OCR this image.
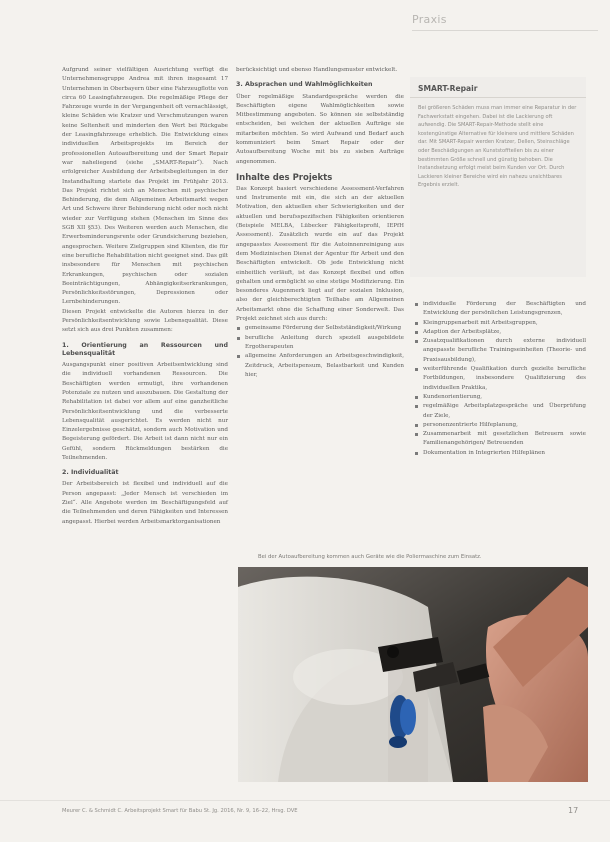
Praxis

Aufgrund seiner vielfältigen Ausrichtung verfügt die Unternehmensgruppe Andrea mit ihren insgesamt 17 Unternehmen in Oberbayern über eine Fahrzeugflotte von circa 60 Leasingfahrzeugen. Die regelmäßige Pflege der Fahrzeuge wurde in der Vergangenheit oft vernachlässigt, kleine Schäden wie Kratzer und Verschmutzungen waren keine Seltenheit und minderten den Wert bei Rückgabe der Leasingfahrzeuge erheblich. Die Entwicklung eines individuellen Arbeitsprojekts im Bereich der professionellen Autoaufbereitung und der Smart Repair war naheliegend (siehe „SMART-Repair“). Nach erfolgreicher Ausbildung der Arbeitsbegleitungen in der Instandhaltung startete das Projekt im Frühjahr 2013. Das Projekt richtet sich an Menschen mit psychischer Behinderung, die dem Allgemeinen Arbeitsmarkt wegen Art und Schwere ihrer Behinderung nicht oder noch nicht wieder zur Verfügung stehen (Menschen im Sinne des SGB XII §53). Des Weiteren werden auch Menschen, die Erwerbsminderungsrente oder Grundsicherung beziehen, angesprochen. Weitere Zielgruppen sind Klienten, die für eine berufliche Rehabilitation nicht geeignet sind. Das gilt insbesondere für Menschen mit psychischen Erkrankungen, psychischen oder sozialen Beeinträchtigungen, Abhängigkeitserkrankungen, Persönlichkeitsstörungen, Depressionen oder Lernbehinderungen.

Diesen Projekt entwickelte die Autoren hierzu in der Persönlichkeitsentwicklung sowie Lebensqualität. Diese setzt sich aus drei Punkten zusammen:

1. Orientierung an Ressourcen und Lebensqualität

Ausgangspunkt einer positiven Arbeitsentwicklung sind die individuell vorhandenen Ressourcen. Die Beschäftigten werden ermutigt, ihre vorhandenen Potenziale zu nutzen und auszubauen. Die Gestaltung der Rehabilitation ist dabei vor allem auf eine ganzheitliche Persönlichkeitsentwicklung und die verbesserte Lebensqualität ausgerichtet. Es werden nicht nur Einzelergebnisse geschätzt, sondern auch Motivation und Begeisterung gefördert. Die Arbeit ist dann nicht nur ein Gefühl, sondern Rückmeldungen bestärken die Teilnehmenden.

2. Individualität

Der Arbeitsbereich ist flexibel und individuell auf die Person angepasst: „Jeder Mensch ist verschieden im Ziel“. Alle Angebote werden im Beschäftigungsfeld auf die Teilnehmenden und deren Fähigkeiten und Interessen angepasst. Hierbei werden Arbeitsmarktorganisationen

berücksichtigt und ebenso Handlungsmuster entwickelt.

3. Absprachen und Wahlmöglichkeiten

Über regelmäßige Standardgespräche werden die Beschäftigten eigene Wahlmöglichkeiten sowie Mitbestimmung angeboten. So können sie selbstständig entscheiden, bei welchen der aktuellen Aufträge sie mitarbeiten möchten. So wird Aufwand und Bedarf auch kommuniziert beim Smart Repair oder der Autoaufbereitung Woche mit bis zu sieben Aufträge angenommen.

Inhalte des Projekts

Das Konzept basiert verschiedene Assessment-Verfahren und Instrumente mit ein, die sich an der aktuellen Motivation, den aktuellen eher Schwierigkeiten und der aktuellen und berufsspezifischen Fähigkeiten orientieren (Beispiele MELBA, Lübecker Fähigkeitsprofil, IEPfH Assessment). Zusätzlich wurde ein auf das Projekt angepasstes Assessment für die Autoinnenreinigung aus dem Medizinischen Dienst der Agentur für Arbeit und den Beschäftigten entwickelt. Ob jede Entwicklung nicht einheitlich verläuft, ist das Konzept flexibel und offen gehalten und ermöglicht so eine stetige Modifizierung. Ein besonderes Augenmerk liegt auf der sozialen Inklusion, also der gleichberechtigten Teilhabe am Allgemeinen Arbeitsmarkt ohne die Schaffung einer Sonderwelt. Das Projekt zeichnet sich aus durch:

gemeinsame Förderung der Selbstständigkeit/Wirkung
berufliche Anleitung durch speziell ausgebildete Ergotherapeuten
allgemeine Anforderungen an Arbeitsgeschwindigkeit, Zeitdruck, Arbeitspensum, Belastbarkeit und Kunden hier,
SMART-Repair
Bei größeren Schäden muss man immer eine Reparatur in der Fachwerkstatt eingehen. Dabei ist die Lackierung oft aufwendig. Die SMART-Repair-Methode stellt eine kostengünstige Alternative für kleinere und mittlere Schäden dar. Mit SMART-Repair werden Kratzer, Dellen, Steinschläge oder Beschädigungen an Kunststoffteilen bis zu einer bestimmten Größe schnell und günstig behoben. Die Instandsetzung erfolgt meist beim Kunden vor Ort. Durch Lackieren kleiner Bereiche wird ein nahezu unsichtbares Ergebnis erzielt.
individuelle Förderung der Beschäftigten und Entwicklung der persönlichen Leistungsgrenzen,
Kleingruppenarbeit mit Arbeitsgruppen,
Adaption der Arbeitsplätze,
Zusatzqualifikationen durch externe individuell angepasste berufliche Trainingseinheiten (Theorie- und Praxisausbildung),
weiterführende Qualifikation durch gezielte berufliche Fortbildungen, insbesondere Qualifizierung des individuellen Praktika,
Kundenorientierung,
regelmäßige Arbeitsplatzgespräche und Überprüfung der Ziele,
personenzentrierte Hilfeplanung,
Zusammenarbeit mit gesetzlichen Betreuern sowie Familienangehörigen/ Betreuenden
Dokumentation in Integrierten Hilfeplänen
Bei der Autoaufbereitung kommen auch Geräte wie die Poliermaschine zum Einsatz.
Meurer C. & Schmidt C. Arbeitsprojekt Smart für Babu St. Jg. 2016, Nr. 9, 16–22, Hrsg. DVE	17
